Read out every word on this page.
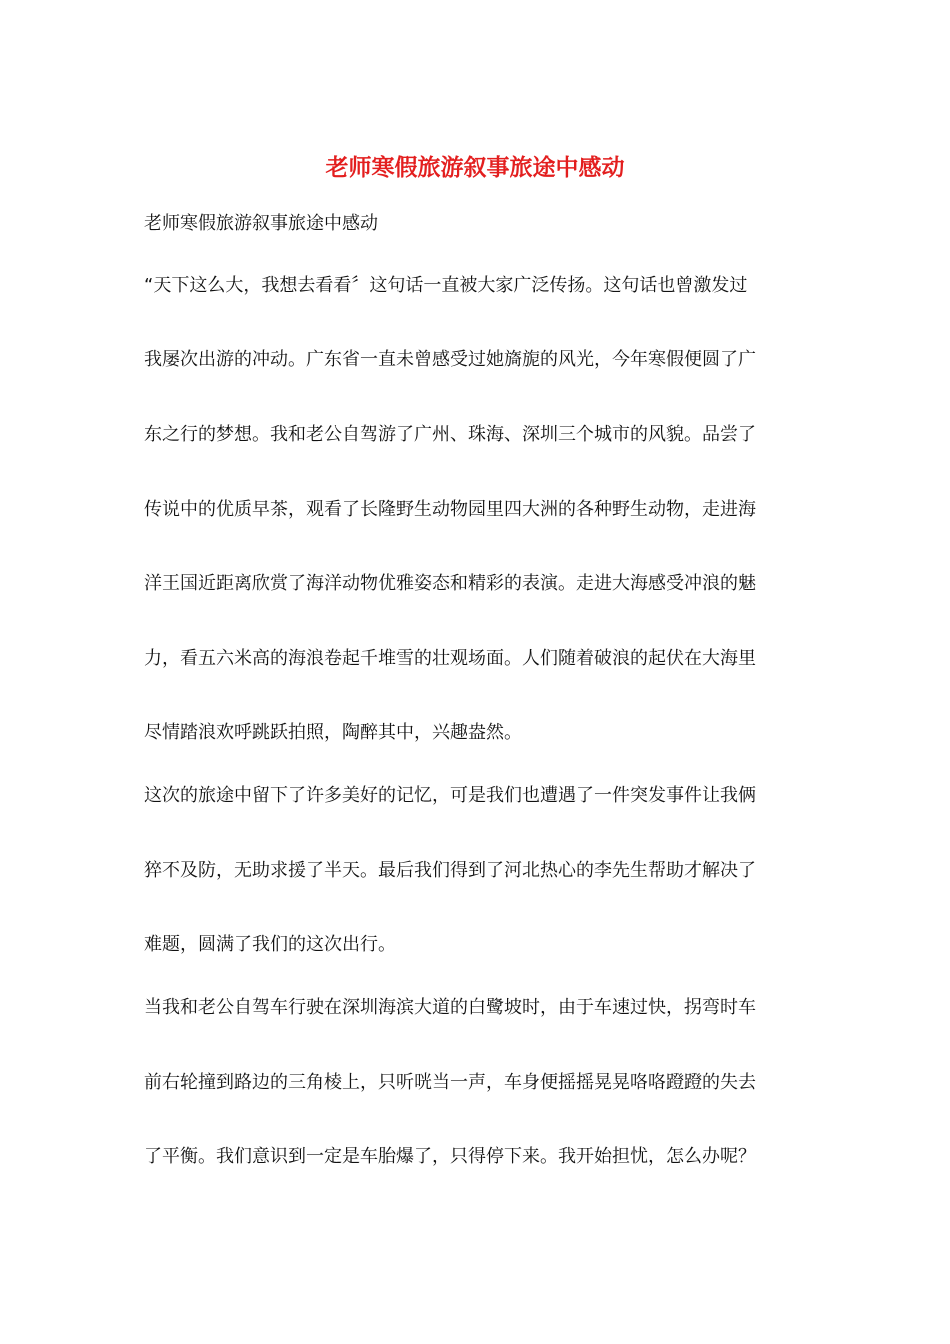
老师寒假旅游叙事旅途中感动
老师寒假旅游叙事旅途中感动
“天下这么大，我想去看看〞这句话一直被大家广泛传扬。这句话也曾激发过
我屡次出游的冲动。广东省一直未曾感受过她旖旎的风光，今年寒假便圆了广
东之行的梦想。我和老公自驾游了广州、珠海、深圳三个城市的风貌。品尝了
传说中的优质早茶，观看了长隆野生动物园里四大洲的各种野生动物，走进海
洋王国近距离欣赏了海洋动物优雅姿态和精彩的表演。走进大海感受冲浪的魅
力，看五六米高的海浪卷起千堆雪的壮观场面。人们随着破浪的起伏在大海里
尽情踏浪欢呼跳跃拍照，陶醉其中，兴趣盎然。
这次的旅途中留下了许多美好的记忆，可是我们也遭遇了一件突发事件让我俩
猝不及防，无助求援了半天。最后我们得到了河北热心的李先生帮助才解决了
难题，圆满了我们的这次出行。
当我和老公自驾车行驶在深圳海滨大道的白鹭坡时，由于车速过快，拐弯时车
前右轮撞到路边的三角棱上，只听咣当一声，车身便摇摇晃晃咯咯蹬蹬的失去
了平衡。我们意识到一定是车胎爆了，只得停下来。我开始担忧，怎么办呢？
